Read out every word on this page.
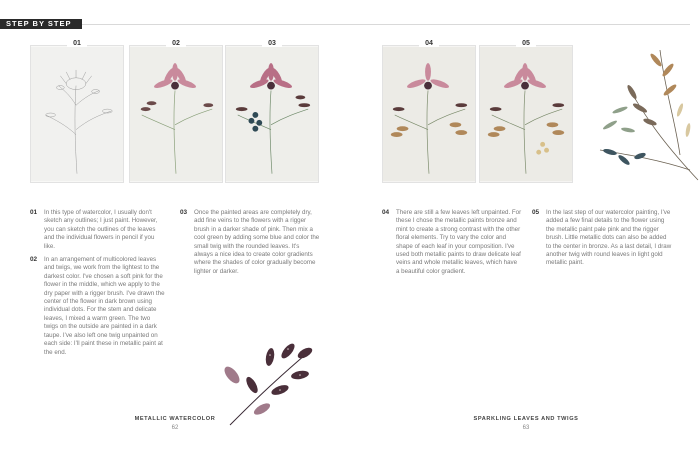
STEP BY STEP
01	02	03	04	05
01 In this type of watercolor, I usually don't sketch any outlines; I just paint. However, you can sketch the outlines of the leaves and the individual flowers in pencil if you like.
02 In an arrangement of multicolored leaves and twigs, we work from the lightest to the darkest color. I've chosen a soft pink for the flower in the middle, which we apply to the dry paper with a rigger brush. I've drawn the center of the flower in dark brown using individual dots. For the stem and delicate leaves, I mixed a warm green. The two twigs on the outside are painted in a dark taupe. I've also left one twig unpainted on each side: I'll paint these in metallic paint at the end.
03 Once the painted areas are completely dry, add fine veins to the flowers with a rigger brush in a darker shade of pink. Then mix a cool green by adding some blue and color the small twig with the rounded leaves. It's always a nice idea to create color gradients where the shades of color gradually become lighter or darker.
04 There are still a few leaves left unpainted. For these I chose the metallic paints bronze and mint to create a strong contrast with the other floral elements. Try to vary the color and shape of each leaf in your composition. I've used both metallic paints to draw delicate leaf veins and whole metallic leaves, which have a beautiful color gradient.
05 In the last step of our watercolor painting, I've added a few final details to the flower using the metallic paint pale pink and the rigger brush. Little metallic dots can also be added to the center in bronze. As a last detail, I draw another twig with round leaves in light gold metallic paint.
METALLIC WATERCOLOR
62
SPARKLING LEAVES AND TWIGS
63
